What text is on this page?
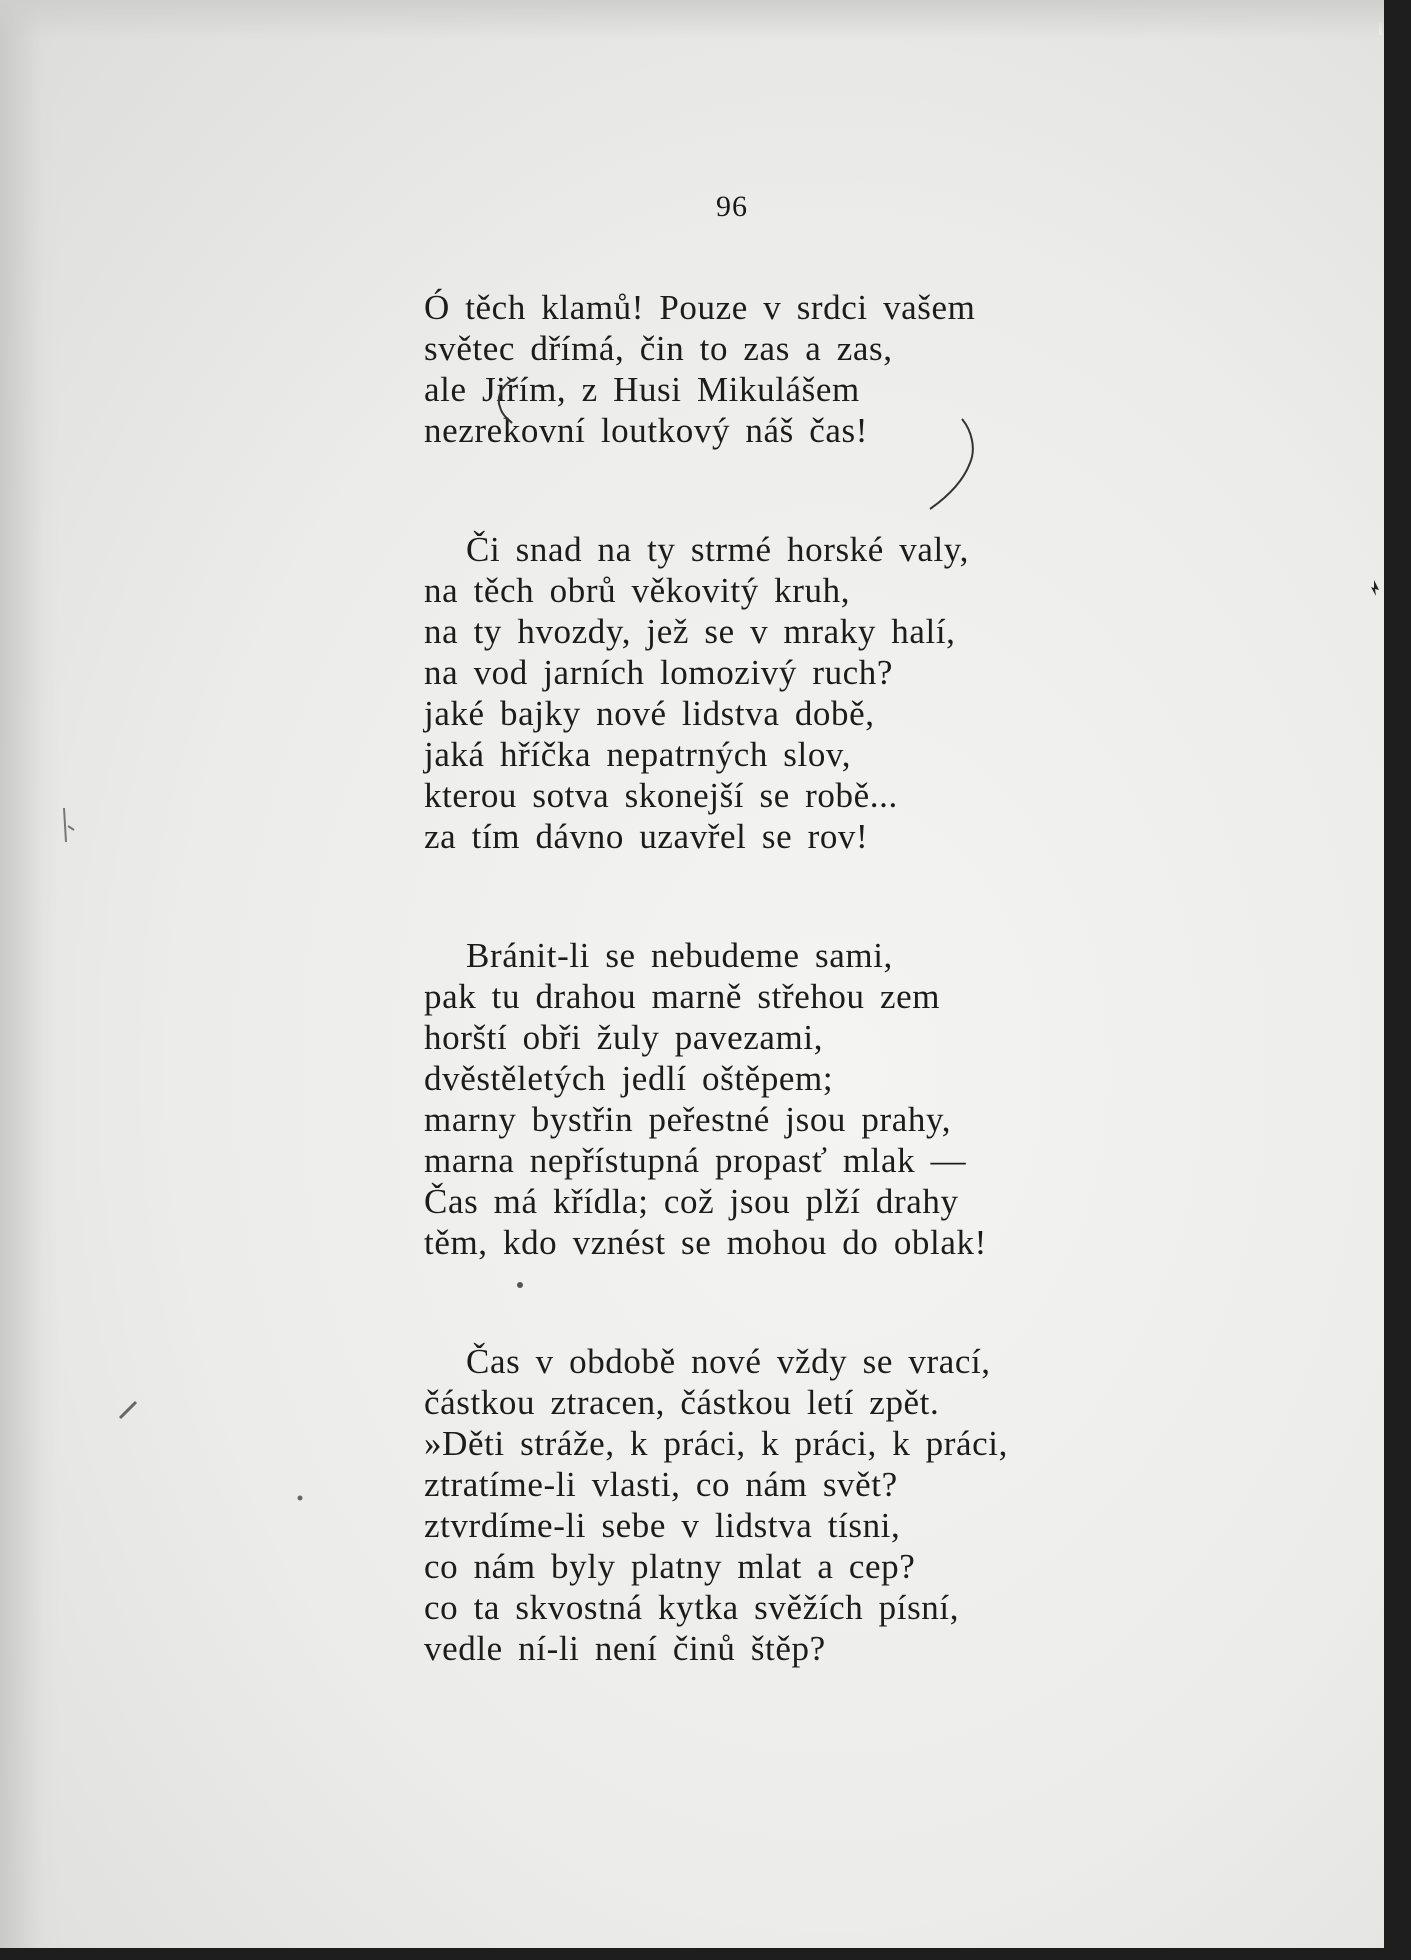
96

Ó těch klamů! Pouze v srdci vašem
světec dřímá, čin to zas a zas,
ale Jiřím, z Husi Mikulášem
nezrekovní loutkový náš čas!

Či snad na ty strmé horské valy,
na těch obrů věkovitý kruh,
na ty hvozdy, jež se v mraky halí,
na vod jarních lomozivý ruch?
jaké bajky nové lidstva době,
jaká hříčka nepatrných slov,
kterou sotva skonejší se robě...
za tím dávno uzavřel se rov!

Bránit-li se nebudeme sami,
pak tu drahou marně střehou zem
horští obři žuly pavezami,
dvěstěletých jedlí oštěpem;
marny bystřin peřestné jsou prahy,
marna nepřístupná propasť mlak —
Čas má křídla; což jsou plží drahy
těm, kdo vznést se mohou do oblak!

Čas v obdobě nové vždy se vrací,
částkou ztracen, částkou letí zpět.
»Děti stráže, k práci, k práci, k práci,
ztratíme-li vlasti, co nám svět?
ztvrdíme-li sebe v lidstva tísni,
co nám byly platny mlat a cep?
co ta skvostná kytka svěžích písní,
vedle ní-li není činů štěp?
